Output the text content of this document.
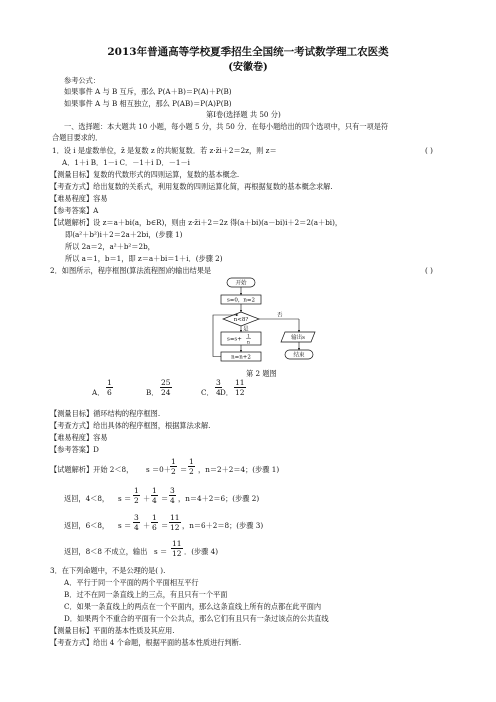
2013年普通高等学校夏季招生全国统一考试数学理工农医类
(安徽卷)
参考公式：
如果事件 A 与 B 互斥，那么 P(A＋B)＝P(A)＋P(B)
如果事件 A 与 B 相互独立，那么 P(AB)＝P(A)P(B)
第Ⅰ卷(选择题 共 50 分)
一、选择题：本大题共 10 小题，每小题 5 分，共 50 分．在每小题给出的四个选项中，只有一项是符
合题目要求的．
1．设 i 是虚数单位，z̄ 是复数 z 的共轭复数．若 z·z̄i＋2＝2z，则 z＝	( )
A．1＋i B．1－i C．－1＋i D．－1－i
【测量目标】复数的代数形式的四则运算，复数的基本概念.
【考查方式】给出复数的关系式，利用复数的四则运算化简，再根据复数的基本概念求解.
【难易程度】容易
【参考答案】A
【试题解析】设 z＝a＋bi(a，b∈R)，则由 z·z̄i＋2＝2z 得(a＋bi)(a－bi)i＋2＝2(a＋bi)，
即(a²＋b²)i＋2＝2a＋2bi，(步骤 1)
所以 2a＝2，a²＋b²＝2b，
所以 a＝1，b＝1，即 z＝a＋bi＝1＋i．(步骤 2)
2．如图所示，程序框图(算法流程图)的输出结果是	( )
开始
s=0，n=2
n<8?
否
是
s=s+ 1
n
n=n+2
输出s
结束
第 2 题图
A． $\frac{1}{6}$	B． $\frac{25}{24}$	C． $\frac{3}{4}$
D． $\frac{11}{12}$
【测量目标】循环结构的程序框图.
【考查方式】给出具体的程序框图，根据算法求解.
【难易程度】容易
【参考答案】D
【试题解析】开始 2＜8， $s =0+ \frac{1}{2} = \frac{1}{2}$ ，n＝2＋2＝4；(步骤 1)
返回，4＜8， $s = \frac{1}{2} + \frac{1}{4} = \frac{3}{4}$ ，n＝4＋2＝6；(步骤 2)
返回，6＜8， $s = \frac{3}{4} + \frac{1}{6} = \frac{11}{12}$ ，n＝6＋2＝8；(步骤 3)
返回，8＜8 不成立，输出 $s = \frac{11}{12}$ ．(步骤 4)
3．在下列命题中，不是公理的是( ).
A．平行于同一个平面的两个平面相互平行
B．过不在同一条直线上的三点，有且只有一个平面
C．如果一条直线上的两点在一个平面内，那么这条直线上所有的点都在此平面内
D．如果两个不重合的平面有一个公共点，那么它们有且只有一条过该点的公共直线
【测量目标】平面的基本性质及其应用.
【考查方式】给出 4 个命题，根据平面的基本性质进行判断.
